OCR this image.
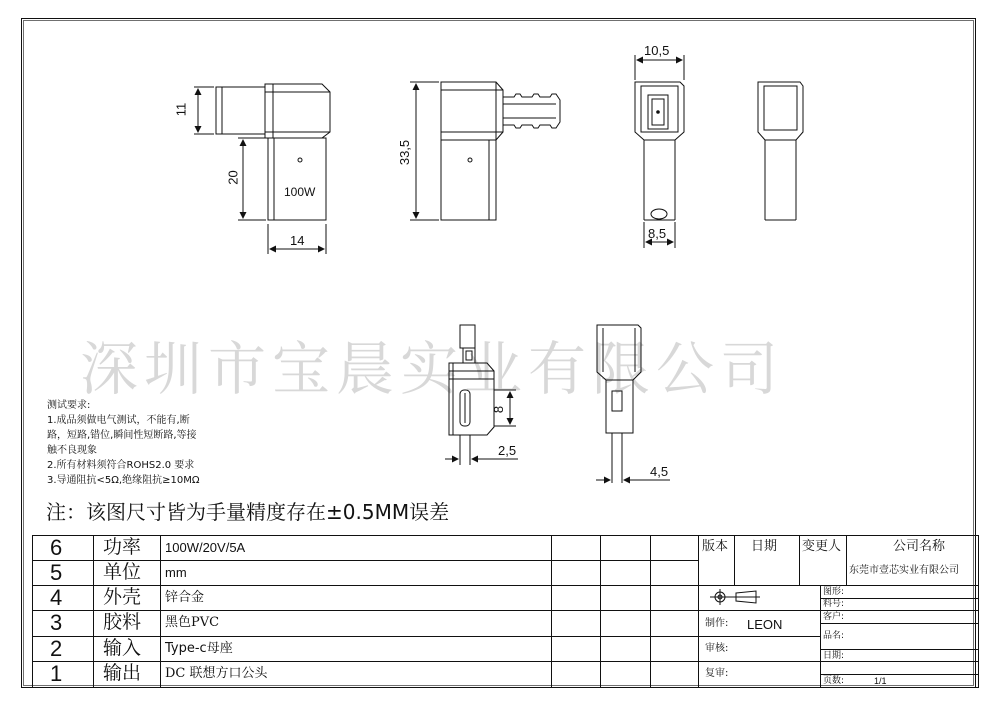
深圳市宝晨实业有限公司
11
20
14
33,5
10,5
8,5
8
2,5
4,5
100W
测试要求:
1.成品须做电气测试，不能有,断
路，短路,错位,瞬间性短断路,等接
触不良现象
2.所有材料须符合ROHS2.0 要求
3.导通阻抗<5Ω,绝缘阻抗≥10MΩ
注：该图尺寸皆为手量精度存在±0.5MM误差
6 功率 100W/20V/5A
5 单位 mm
4 外壳 锌合金
3 胶料 黑色PVC
2 输入 Type-c母座
1 输出 DC 联想方口公头
版本 日期 变更人	公司名称
东莞市壹芯实业有限公司
图形:
料号:
客户:
品名:
日期:
页数:	1/1
制作: LEON
审核:
复审:
